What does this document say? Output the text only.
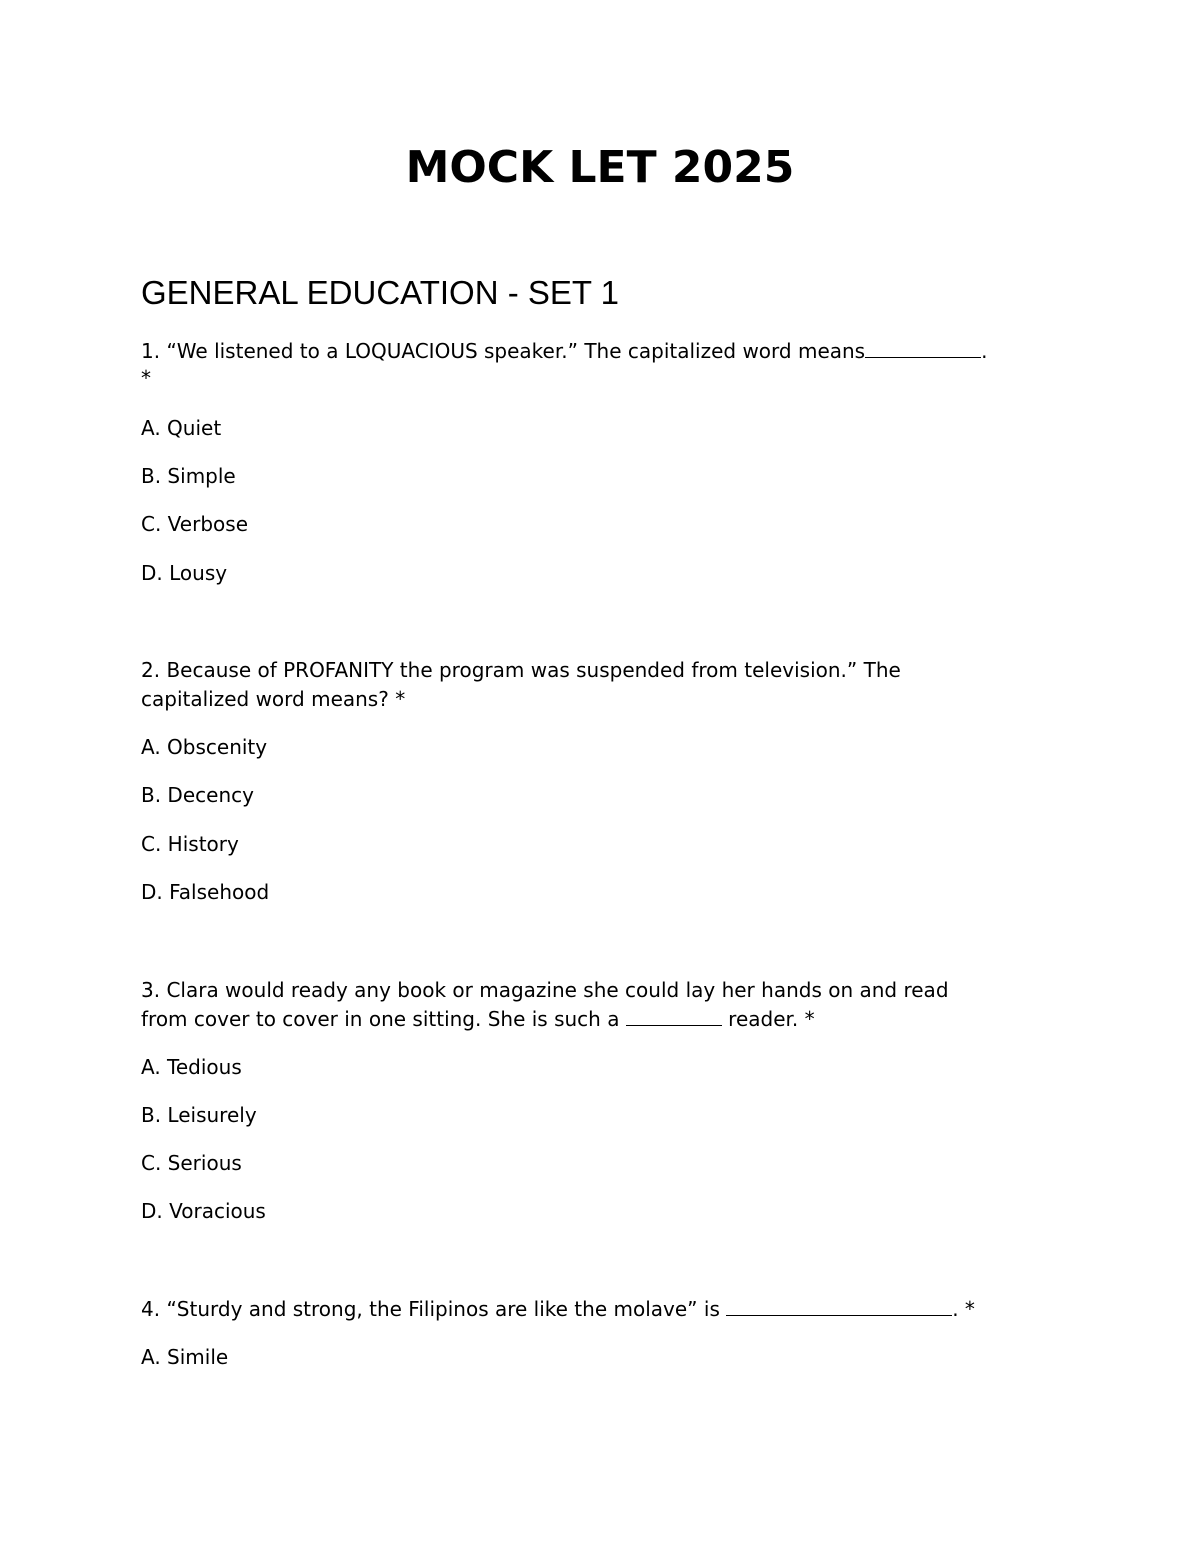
MOCK LET 2025
GENERAL EDUCATION - SET 1
1. “We listened to a LOQUACIOUS speaker.” The capitalized word means	.
*
A. Quiet
B. Simple
C. Verbose
D. Lousy
2. Because of PROFANITY the program was suspended from television.” The
capitalized word means? *
A. Obscenity
B. Decency
C. History
D. Falsehood
3. Clara would ready any book or magazine she could lay her hands on and read
from cover to cover in one sitting. She is such a	reader. *
A. Tedious
B. Leisurely
C. Serious
D. Voracious
4. “Sturdy and strong, the Filipinos are like the molave” is	. *
A. Simile
